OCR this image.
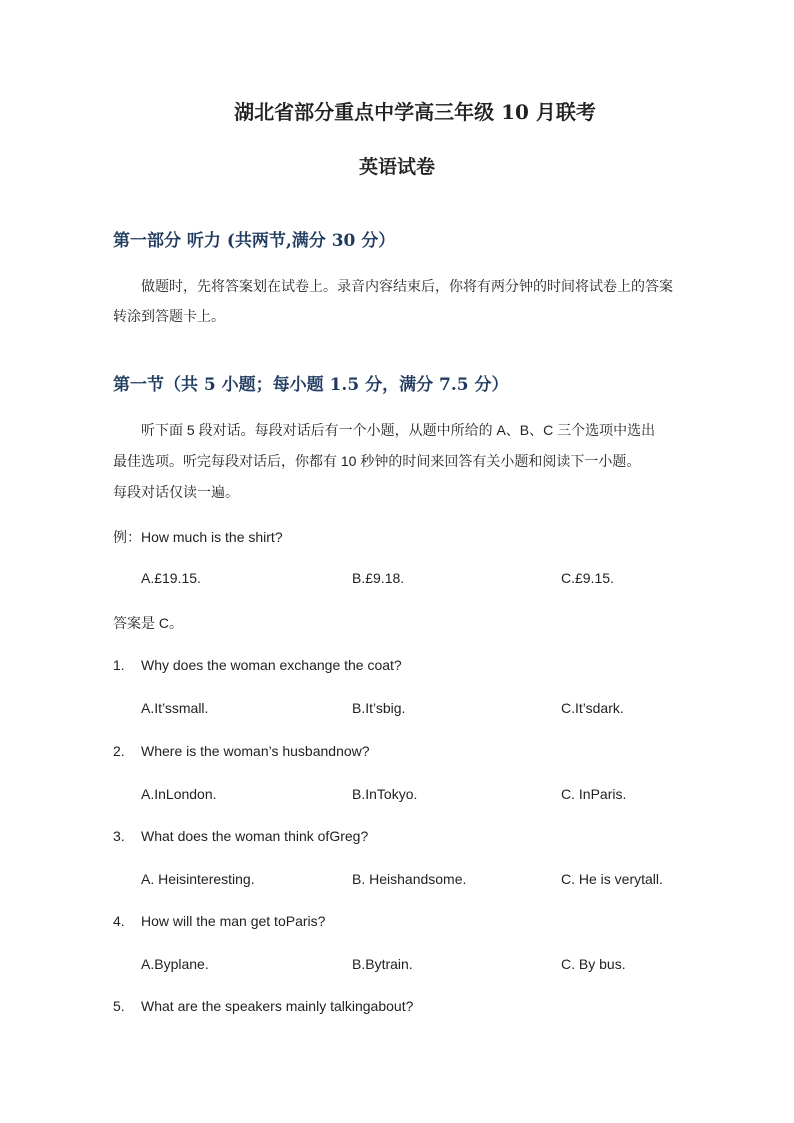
湖北省部分重点中学高三年级 10 月联考
英语试卷
第一部分 听力 (共两节,满分 30 分）
做题时，先将答案划在试卷上。录音内容结束后，你将有两分钟的时间将试卷上的答案
转涂到答题卡上。
第一节（共 5 小题；每小题 1.5 分，满分 7.5 分）
听下面 5 段对话。每段对话后有一个小题，从题中所给的 A、B、C 三个选项中选出
最佳选项。听完每段对话后，你都有 10 秒钟的时间来回答有关小题和阅读下一小题。
每段对话仅读一遍。
例：How much is the shirt?
A.£19.15.	B.£9.18.	C.£9.15.
答案是 C。
1. Why does the woman exchange the coat?
A.It’ssmall.	B.It’sbig.	C.It’sdark.
2. Where is the woman’s husbandnow?
A.InLondon.	B.InTokyo.	C. InParis.
3. What does the woman think ofGreg?
A. Heisinteresting.	B. Heishandsome.	C. He is verytall.
4. How will the man get toParis?
A.Byplane.	B.Bytrain.	C. By bus.
5. What are the speakers mainly talkingabout?
